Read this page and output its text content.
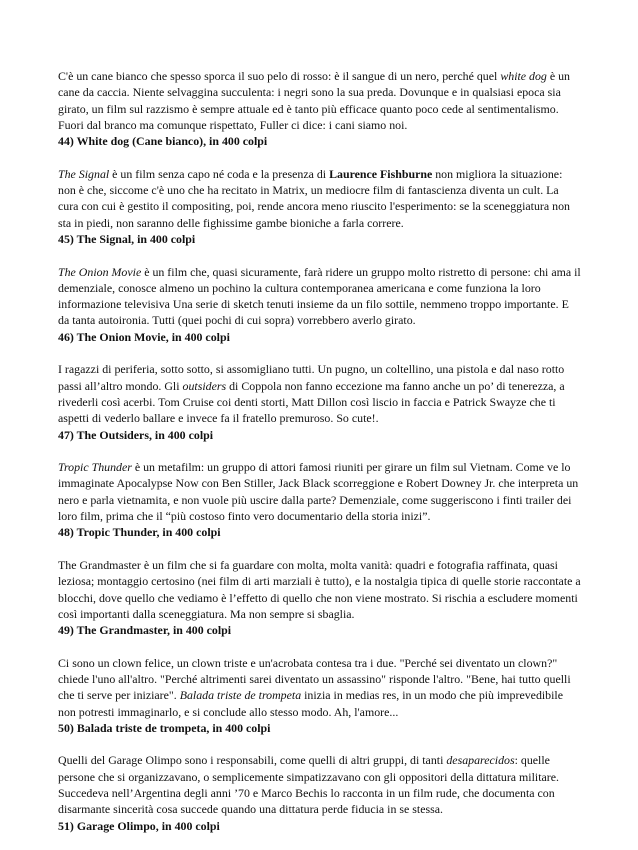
C'è un cane bianco che spesso sporca il suo pelo di rosso: è il sangue di un nero, perché quel white dog è un cane da caccia. Niente selvaggina succulenta: i negri sono la sua preda. Dovunque e in qualsiasi epoca sia girato, un film sul razzismo è sempre attuale ed è tanto più efficace quanto poco cede al sentimentalismo. Fuori dal branco ma comunque rispettato, Fuller ci dice: i cani siamo noi.

44) White dog (Cane bianco), in 400 colpi

The Signal è un film senza capo né coda e la presenza di Laurence Fishburne non migliora la situazione: non è che, siccome c'è uno che ha recitato in Matrix, un mediocre film di fantascienza diventa un cult. La cura con cui è gestito il compositing, poi, rende ancora meno riuscito l'esperimento: se la sceneggiatura non sta in piedi, non saranno delle fighissime gambe bioniche a farla correre.

45) The Signal, in 400 colpi

The Onion Movie è un film che, quasi sicuramente, farà ridere un gruppo molto ristretto di persone: chi ama il demenziale, conosce almeno un pochino la cultura contemporanea americana e come funziona la loro informazione televisiva Una serie di sketch tenuti insieme da un filo sottile, nemmeno troppo importante. E da tanta autoironia. Tutti (quei pochi di cui sopra) vorrebbero averlo girato.

46) The Onion Movie, in 400 colpi

I ragazzi di periferia, sotto sotto, si assomigliano tutti. Un pugno, un coltellino, una pistola e dal naso rotto passi all’altro mondo. Gli outsiders di Coppola non fanno eccezione ma fanno anche un po’ di tenerezza, a rivederli così acerbi. Tom Cruise coi denti storti, Matt Dillon così liscio in faccia e Patrick Swayze che ti aspetti di vederlo ballare e invece fa il fratello premuroso. So cute!.

47) The Outsiders, in 400 colpi

Tropic Thunder è un metafilm: un gruppo di attori famosi riuniti per girare un film sul Vietnam. Come ve lo immaginate Apocalypse Now con Ben Stiller, Jack Black scorreggione e Robert Downey Jr. che interpreta un nero e parla vietnamita, e non vuole più uscire dalla parte? Demenziale, come suggeriscono i finti trailer dei loro film, prima che il “più costoso finto vero documentario della storia inizi”.

48) Tropic Thunder, in 400 colpi

The Grandmaster è un film che si fa guardare con molta, molta vanità: quadri e fotografia raffinata, quasi leziosa; montaggio certosino (nei film di arti marziali è tutto), e la nostalgia tipica di quelle storie raccontate a blocchi, dove quello che vediamo è l’effetto di quello che non viene mostrato. Si rischia a escludere momenti così importanti dalla sceneggiatura. Ma non sempre si sbaglia.

49) The Grandmaster, in 400 colpi

Ci sono un clown felice, un clown triste e un'acrobata contesa tra i due. "Perché sei diventato un clown?" chiede l'uno all'altro. "Perché altrimenti sarei diventato un assassino" risponde l'altro. "Bene, hai tutto quelli che ti serve per iniziare". Balada triste de trompeta inizia in medias res, in un modo che più imprevedibile non potresti immaginarlo, e si conclude allo stesso modo. Ah, l'amore...

50) Balada triste de trompeta, in 400 colpi

Quelli del Garage Olimpo sono i responsabili, come quelli di altri gruppi, di tanti desaparecidos: quelle persone che si organizzavano, o semplicemente simpatizzavano con gli oppositori della dittatura militare. Succedeva nell’Argentina degli anni ’70 e Marco Bechis lo racconta in un film rude, che documenta con disarmante sincerità cosa succede quando una dittatura perde fiducia in se stessa.

51) Garage Olimpo, in 400 colpi
